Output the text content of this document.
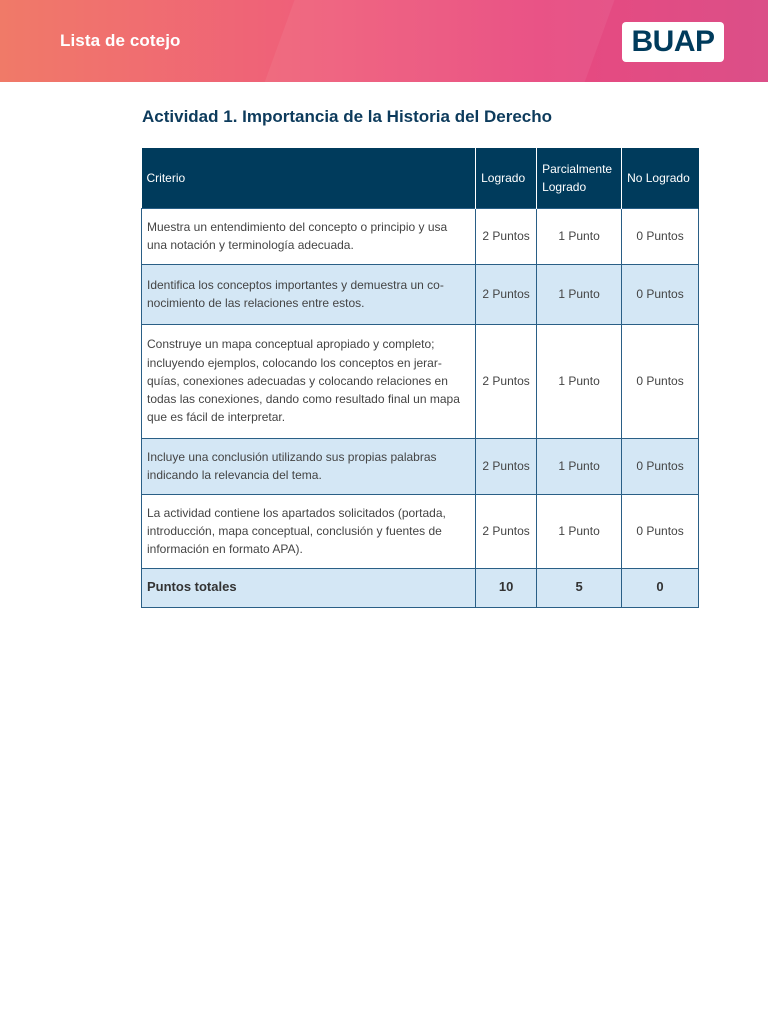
Lista de cotejo	BUAP
Actividad 1. Importancia de la Historia del Derecho
Criterio	Logrado	Parcialmente Logrado	No Logrado
Muestra un entendimiento del concepto o principio y usa una notación y terminología adecuada.	2 Puntos	1 Punto	0 Puntos
Identifica los conceptos importantes y demuestra un co-nocimiento de las relaciones entre estos.	2 Puntos	1 Punto	0 Puntos
Construye un mapa conceptual apropiado y completo; incluyendo ejemplos, colocando los conceptos en jerar-quías, conexiones adecuadas y colocando relaciones en todas las conexiones, dando como resultado final un mapa que es fácil de interpretar.	2 Puntos	1 Punto	0 Puntos
Incluye una conclusión utilizando sus propias palabras indicando la relevancia del tema.	2 Puntos	1 Punto	0 Puntos
La actividad contiene los apartados solicitados (portada, introducción, mapa conceptual, conclusión y fuentes de información en formato APA).	2 Puntos	1 Punto	0 Puntos
Puntos totales	10	5	0
